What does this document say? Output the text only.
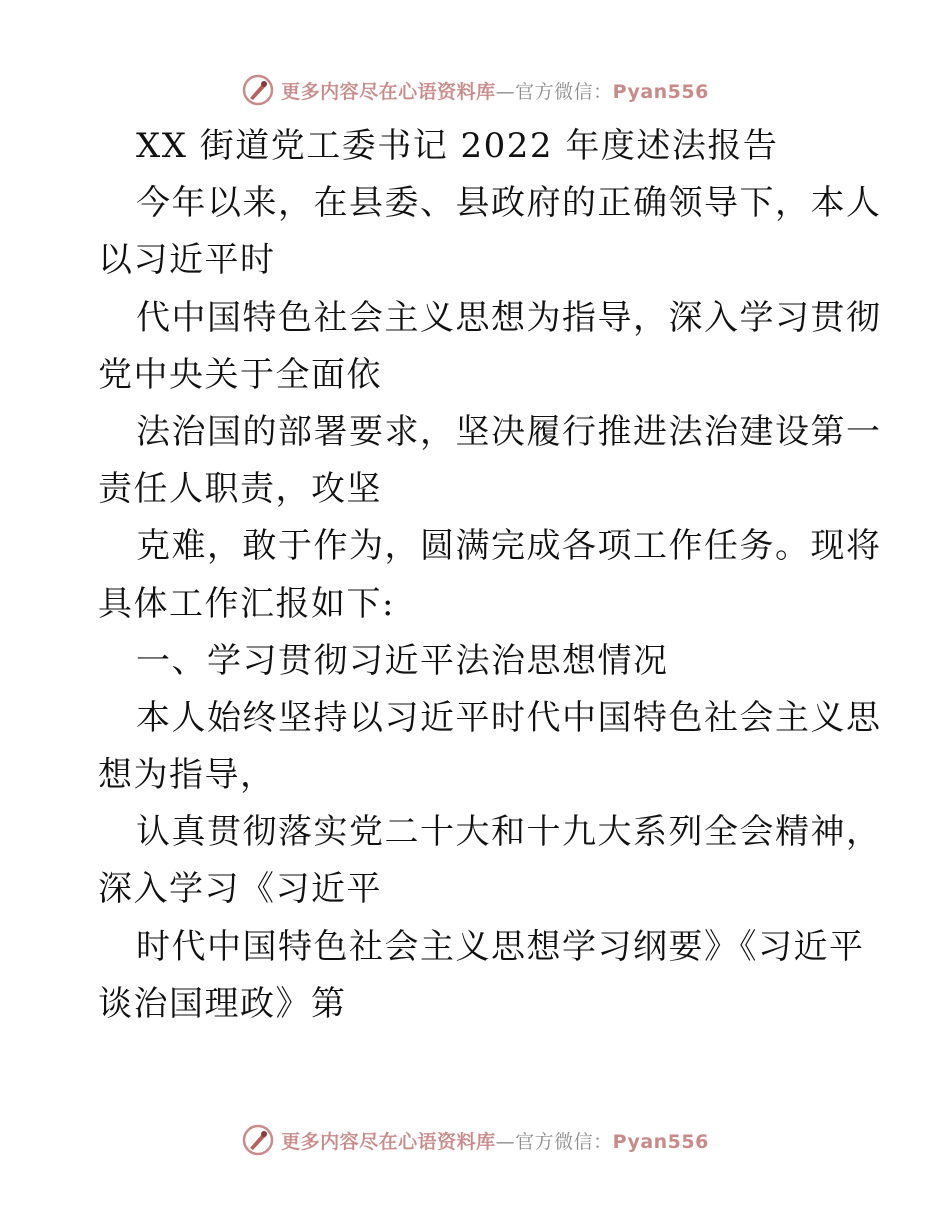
更多内容尽在心语资料库—官方微信：Pyan556
XX 街道党工委书记 2022 年度述法报告
今年以来，在县委、县政府的正确领导下，本人
以习近平时
代中国特色社会主义思想为指导，深入学习贯彻
党中央关于全面依
法治国的部署要求，坚决履行推进法治建设第一
责任人职责，攻坚
克难，敢于作为，圆满完成各项工作任务。现将
具体工作汇报如下:
一、学习贯彻习近平法治思想情况
本人始终坚持以习近平时代中国特色社会主义思
想为指导，
认真贯彻落实党二十大和十九大系列全会精神，
深入学习《习近平
时代中国特色社会主义思想学习纲要》《习近平
谈治国理政》第
更多内容尽在心语资料库—官方微信：Pyan556
